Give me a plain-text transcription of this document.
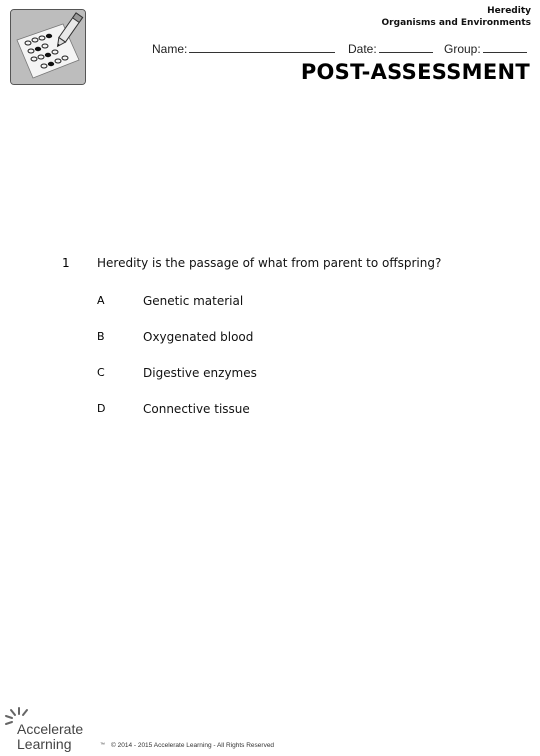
Heredity
Organisms and Environments
Name:	Date:	Group:
POST-ASSESSMENT
1 Heredity is the passage of what from parent to offspring?
A	Genetic material
B	Oxygenated blood
C	Digestive enzymes
D	Connective tissue
Accelerate
Learning	™ © 2014 - 2015 Accelerate Learning - All Rights Reserved
